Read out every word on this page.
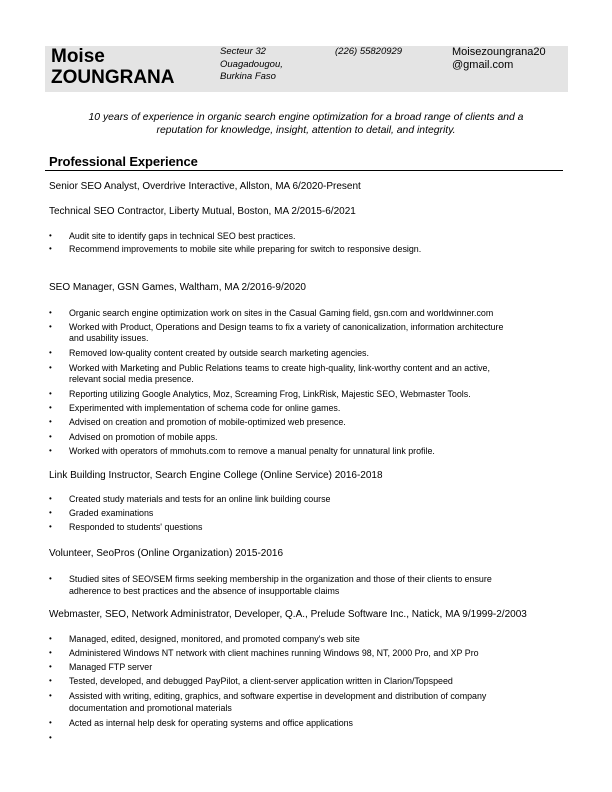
Moise
ZOUNGRANA
Secteur 32
Ouagadougou,
Burkina Faso
(226) 55820929	Moisezoungrana20
@gmail.com
10 years of experience in organic search engine optimization for a broad range of clients and a
reputation for knowledge, insight, attention to detail, and integrity.
Professional Experience
Senior SEO Analyst, Overdrive Interactive, Allston, MA 6/2020-Present
Technical SEO Contractor, Liberty Mutual, Boston, MA 2/2015-6/2021
• Audit site to identify gaps in technical SEO best practices.
• Recommend improvements to mobile site while preparing for switch to responsive design.
SEO Manager, GSN Games, Waltham, MA 2/2016-9/2020
• Organic search engine optimization work on sites in the Casual Gaming field, gsn.com and worldwinner.com
• Worked with Product, Operations and Design teams to fix a variety of canonicalization, information architecture
and usability issues.
• Removed low-quality content created by outside search marketing agencies.
• Worked with Marketing and Public Relations teams to create high-quality, link-worthy content and an active,
relevant social media presence.
• Reporting utilizing Google Analytics, Moz, Screaming Frog, LinkRisk, Majestic SEO, Webmaster Tools.
• Experimented with implementation of schema code for online games.
• Advised on creation and promotion of mobile-optimized web presence.
• Advised on promotion of mobile apps.
• Worked with operators of mmohuts.com to remove a manual penalty for unnatural link profile.
Link Building Instructor, Search Engine College (Online Service) 2016-2018
• Created study materials and tests for an online link building course
• Graded examinations
• Responded to students' questions
Volunteer, SeoPros (Online Organization) 2015-2016
• Studied sites of SEO/SEM firms seeking membership in the organization and those of their clients to ensure
adherence to best practices and the absence of insupportable claims
Webmaster, SEO, Network Administrator, Developer, Q.A., Prelude Software Inc., Natick, MA 9/1999-2/2003
• Managed, edited, designed, monitored, and promoted company's web site
• Administered Windows NT network with client machines running Windows 98, NT, 2000 Pro, and XP Pro
• Managed FTP server
• Tested, developed, and debugged PayPilot, a client-server application written in Clarion/Topspeed
• Assisted with writing, editing, graphics, and software expertise in development and distribution of company
documentation and promotional materials
• Acted as internal help desk for operating systems and office applications
•
